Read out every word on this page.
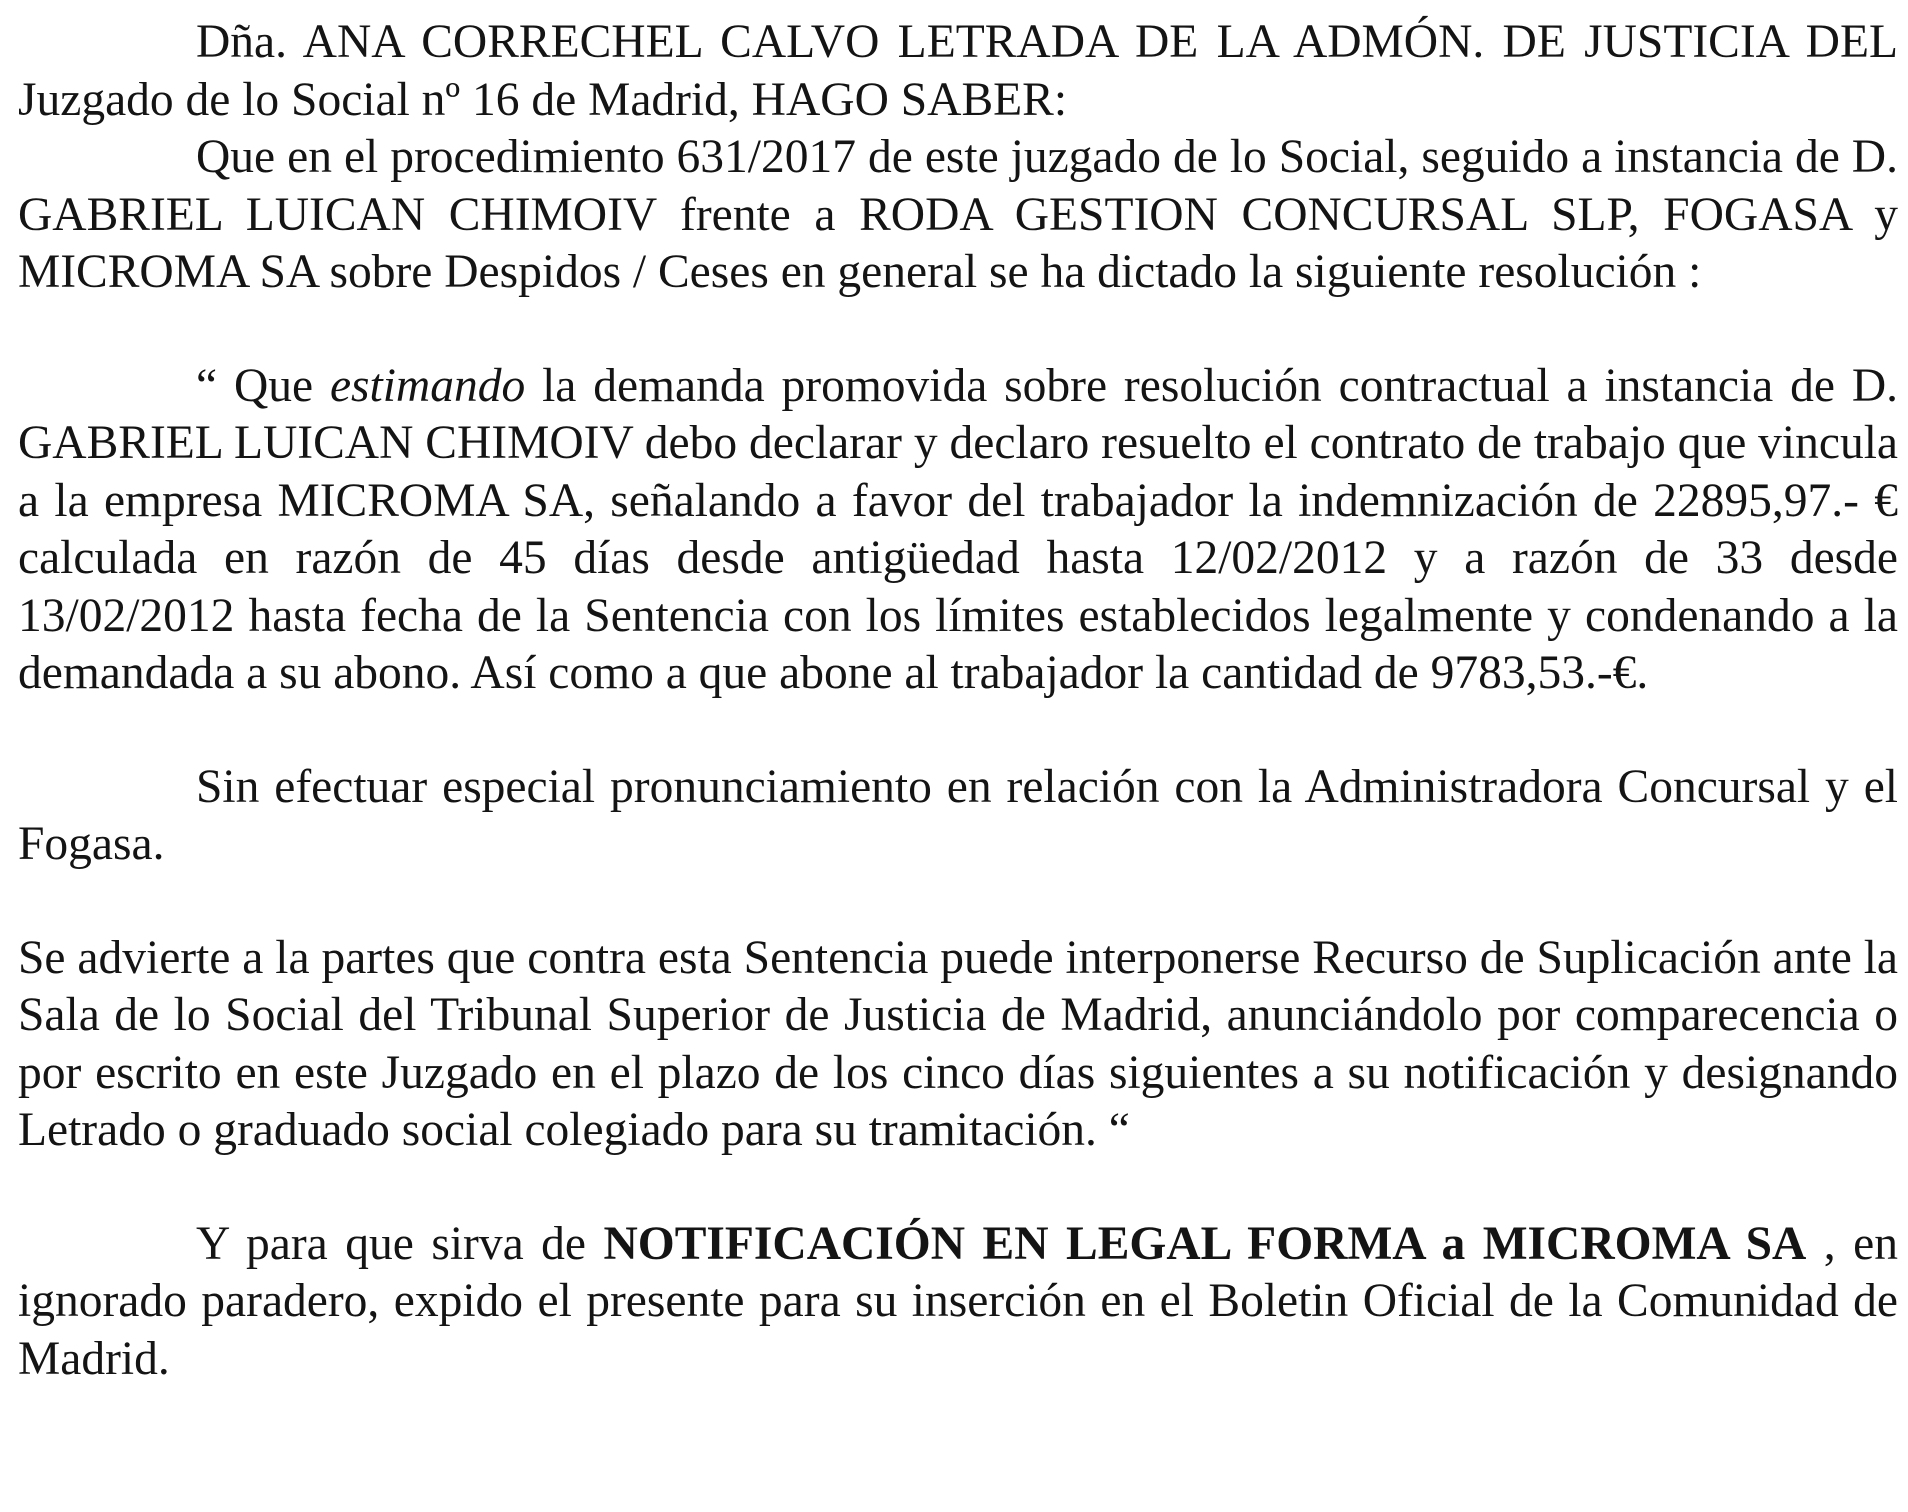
Dña. ANA CORRECHEL CALVO LETRADA DE LA ADMÓN. DE JUSTICIA DEL Juzgado de lo Social nº 16 de Madrid, HAGO SABER:

Que en el procedimiento 631/2017 de este juzgado de lo Social, seguido a instancia de D. GABRIEL LUICAN CHIMOIV frente a RODA GESTION CONCURSAL SLP, FOGASA y MICROMA SA sobre Despidos / Ceses en general se ha dictado la siguiente resolución :

“ Que estimando la demanda promovida sobre resolución contractual a instancia de D. GABRIEL LUICAN CHIMOIV debo declarar y declaro resuelto el contrato de trabajo que vincula a la empresa MICROMA SA, señalando a favor del trabajador la indemnización de 22895,97.- € calculada en razón de 45 días desde antigüedad hasta 12/02/2012 y a razón de 33 desde 13/02/2012 hasta fecha de la Sentencia con los límites establecidos legalmente y condenando a la demandada a su abono. Así como a que abone al trabajador la cantidad de 9783,53.-€.

Sin efectuar especial pronunciamiento en relación con la Administradora Concursal y el Fogasa.

Se advierte a la partes que contra esta Sentencia puede interponerse Recurso de Suplicación ante la Sala de lo Social del Tribunal Superior de Justicia de Madrid, anunciándolo por comparecencia o por escrito en este Juzgado en el plazo de los cinco días siguientes a su notificación y designando Letrado o graduado social colegiado para su tramitación. “

Y para que sirva de NOTIFICACIÓN EN LEGAL FORMA a MICROMA SA , en ignorado paradero, expido el presente para su inserción en el Boletin Oficial de la Comunidad de Madrid.
